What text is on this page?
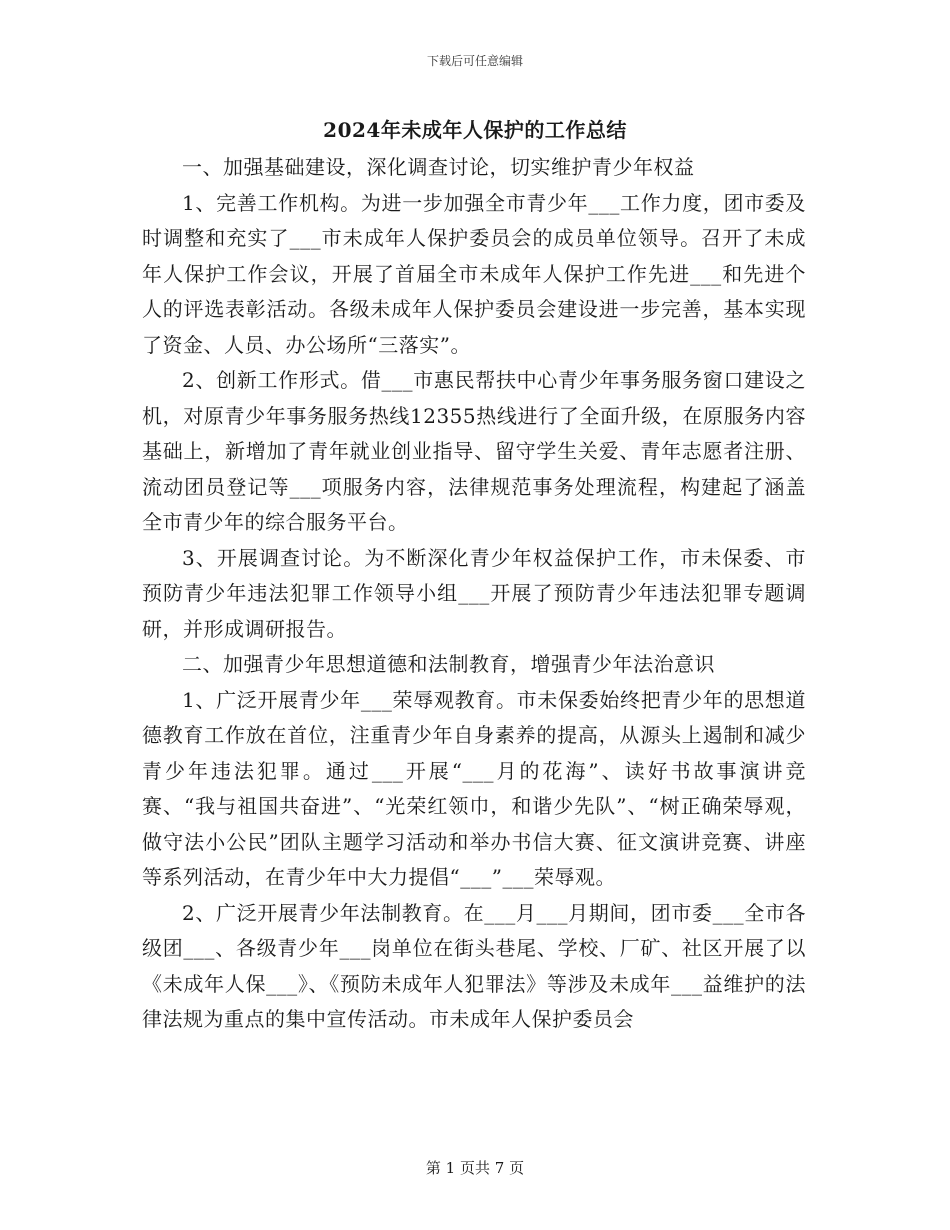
下载后可任意编辑
2024年未成年人保护的工作总结

一、加强基础建设，深化调查讨论，切实维护青少年权益

1、完善工作机构。为进一步加强全市青少年___工作力度，团市委及时调整和充实了___市未成年人保护委员会的成员单位领导。召开了未成年人保护工作会议，开展了首届全市未成年人保护工作先进___和先进个人的评选表彰活动。各级未成年人保护委员会建设进一步完善，基本实现了资金、人员、办公场所“三落实”。

2、创新工作形式。借___市惠民帮扶中心青少年事务服务窗口建设之机，对原青少年事务服务热线12355热线进行了全面升级，在原服务内容基础上，新增加了青年就业创业指导、留守学生关爱、青年志愿者注册、流动团员登记等___项服务内容，法律规范事务处理流程，构建起了涵盖全市青少年的综合服务平台。

3、开展调查讨论。为不断深化青少年权益保护工作，市未保委、市预防青少年违法犯罪工作领导小组___开展了预防青少年违法犯罪专题调研，并形成调研报告。

二、加强青少年思想道德和法制教育，增强青少年法治意识

1、广泛开展青少年___荣辱观教育。市未保委始终把青少年的思想道德教育工作放在首位，注重青少年自身素养的提高，从源头上遏制和减少青少年违法犯罪。通过___开展“___月的花海”、读好书故事演讲竞赛、“我与祖国共奋进”、“光荣红领巾，和谐少先队”、“树正确荣辱观，做守法小公民”团队主题学习活动和举办书信大赛、征文演讲竞赛、讲座等系列活动，在青少年中大力提倡“___”___荣辱观。

2、广泛开展青少年法制教育。在___月___月期间，团市委___全市各级团___、各级青少年___岗单位在街头巷尾、学校、厂矿、社区开展了以《未成年人保___》、《预防未成年人犯罪法》等涉及未成年___益维护的法律法规为重点的集中宣传活动。市未成年人保护委员会

第 1 页共 7 页
